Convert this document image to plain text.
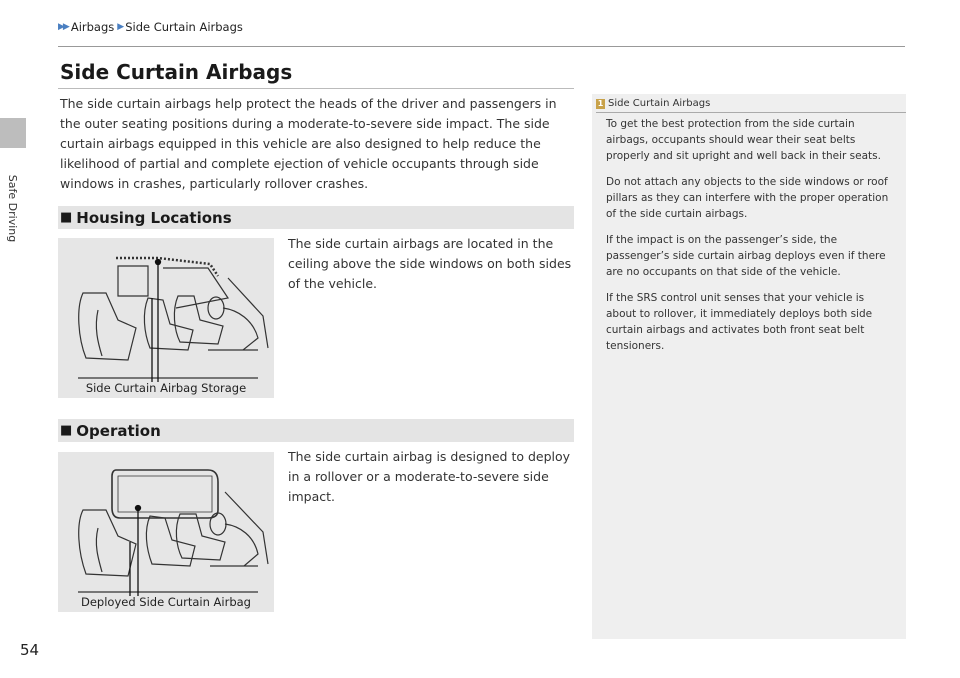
Safe Driving
▶▶ Airbags ▶ Side Curtain Airbags
Side Curtain Airbags

The side curtain airbags help protect the heads of the driver and passengers in the outer seating positions during a moderate-to-severe side impact. The side curtain airbags equipped in this vehicle are also designed to help reduce the likelihood of partial and complete ejection of vehicle occupants through side windows in crashes, particularly rollover crashes.

■ Housing Locations
Side Curtain Airbag Storage

The side curtain airbags are located in the ceiling above the side windows on both sides of the vehicle.

■ Operation
Deployed Side Curtain Airbag

The side curtain airbag is designed to deploy in a rollover or a moderate-to-severe side impact.

1 Side Curtain Airbags

To get the best protection from the side curtain airbags, occupants should wear their seat belts properly and sit upright and well back in their seats.

Do not attach any objects to the side windows or roof pillars as they can interfere with the proper operation of the side curtain airbags.

If the impact is on the passenger’s side, the passenger’s side curtain airbag deploys even if there are no occupants on that side of the vehicle.

If the SRS control unit senses that your vehicle is about to rollover, it immediately deploys both side curtain airbags and activates both front seat belt tensioners.

54
